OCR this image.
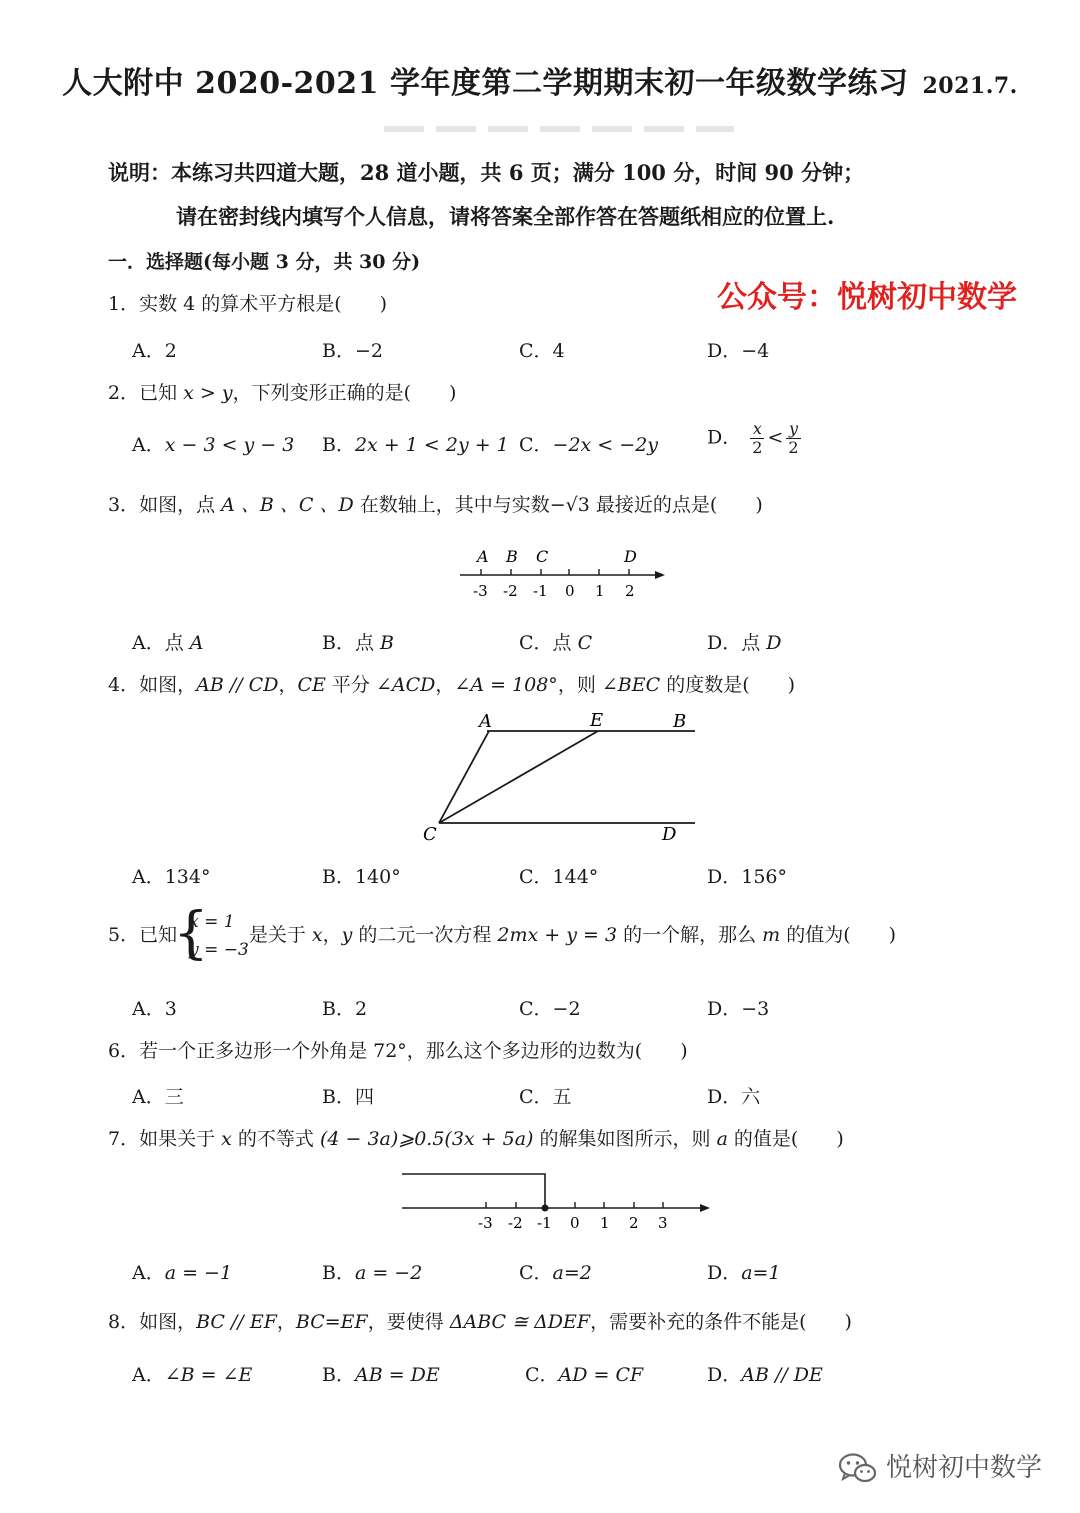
人大附中 2020-2021 学年度第二学期期末初一年级数学练习 2021.7.
说明：本练习共四道大题，28 道小题，共 6 页；满分 100 分，时间 90 分钟；
请在密封线内填写个人信息，请将答案全部作答在答题纸相应的位置上.
一．选择题(每小题 3 分，共 30 分)
公众号：悦树初中数学
1．实数 4 的算术平方根是(　　)
A．2	B．−2	C．4	D．−4
2．已知 x > y，下列变形正确的是(　　)
A．x − 3 < y − 3 B．2x + 1 < 2y + 1 C．−2x < −2y	D． $\frac{x}{2} < \frac{y}{2}$
3．如图，点 A 、B 、C 、D 在数轴上，其中与实数−√3 最接近的点是(　　)
A B C	D
-3 -2 -1 0 1 2
A．点 A	B．点 B	C．点 C	D．点 D
4．如图，AB // CD，CE 平分 ∠ACD，∠A = 108°，则 ∠BEC 的度数是(　　)
A	E	B
C	D
A．134°	B．140°	C．144°	D．156°
5．已知
{ x = 1
y = −3
是关于 x，y 的二元一次方程 2mx + y = 3 的一个解，那么 m 的值为(　　)
A．3	B．2	C．−2	D．−3
6．若一个正多边形一个外角是 72°，那么这个多边形的边数为(　　)
A．三	B．四	C．五	D．六
7．如果关于 x 的不等式 (4 − 3a)⩾0.5(3x + 5a) 的解集如图所示，则 a 的值是(　　)
-3 -2 -1 0 1 2 3
A．a = −1	B．a = −2	C．a=2	D．a=1
8．如图，BC // EF，BC=EF，要使得 ΔABC ≅ ΔDEF，需要补充的条件不能是(　　)
A．∠B = ∠E	B．AB = DE	C．AD = CF	D．AB // DE
悦树初中数学
